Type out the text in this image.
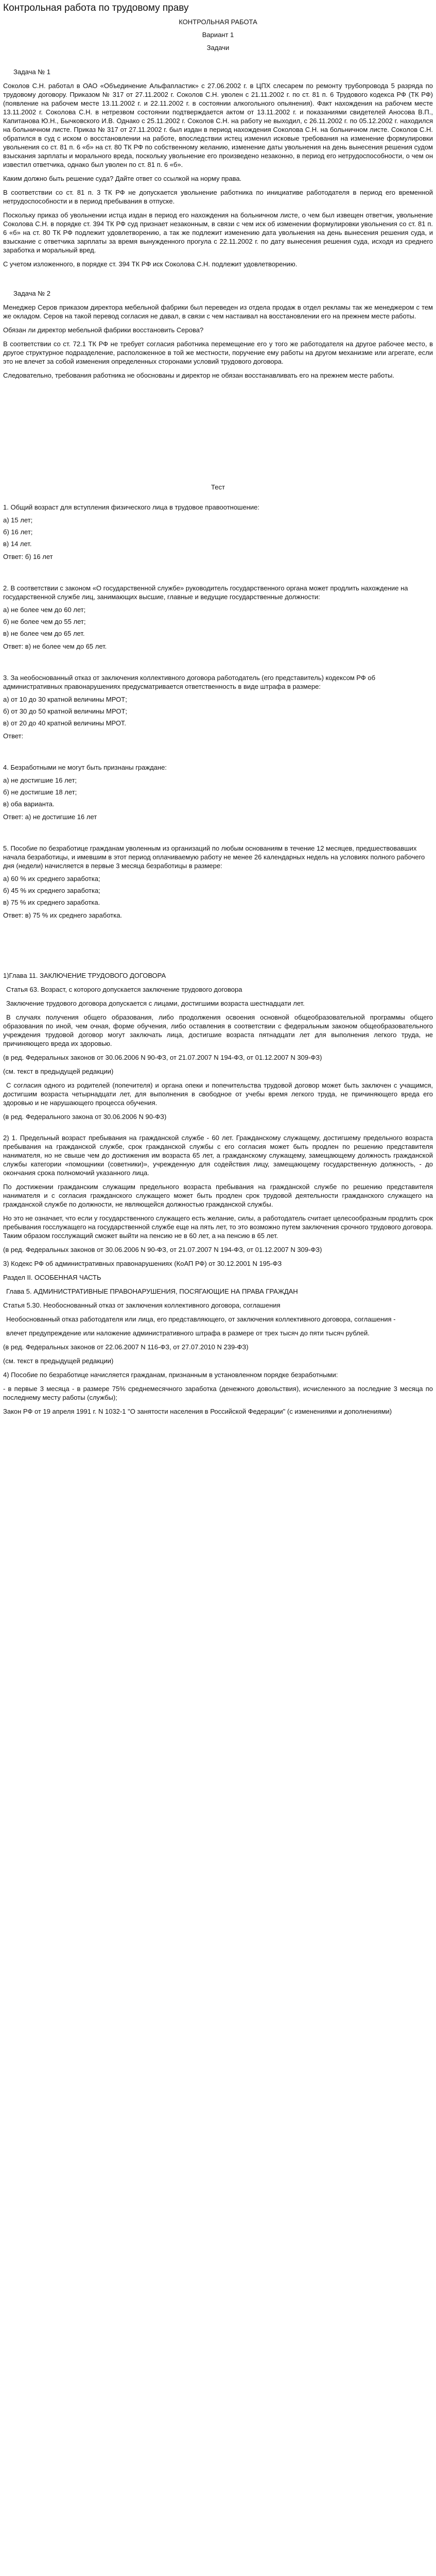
Контрольная работа по трудовому праву
КОНТРОЛЬНАЯ РАБОТА
Вариант 1
Задачи
Задача № 1

Соколов С.Н. работал в ОАО «Объединение Альфапластик» с 27.06.2002 г. в ЦПХ слесарем по ремонту трубопровода 5 разряда по трудовому договору. Приказом № 317 от 27.11.2002 г. Соколов С.Н. уволен с 21.11.2002 г. по ст. 81 п. 6 Трудового кодекса РФ (ТК РФ) (появление на рабочем месте 13.11.2002 г. и 22.11.2002 г. в состоянии алкогольного опьянения). Факт нахождения на рабочем месте 13.11.2002 г. Соколова С.Н. в нетрезвом состоянии подтверждается актом от 13.11.2002 г. и показаниями свидетелей Аносова В.П., Капитанова Ю.Н., Бычковского И.В. Однако с 25.11.2002 г. Соколов С.Н. на работу не выходил, с 26.11.2002 г. по 05.12.2002 г. находился на больничном листе. Приказ № 317 от 27.11.2002 г. был издан в период нахождения Соколова С.Н. на больничном листе. Соколов С.Н. обратился в суд с иском о восстановлении на работе, впоследствии истец изменил исковые требования на изменение формулировки увольнения со ст. 81 п. 6 «б» на ст. 80 ТК РФ по собственному желанию, изменение даты увольнения на день вынесения решения судом взыскания зарплаты и морального вреда, поскольку увольнение его произведено незаконно, в период его нетрудоспособности, о чем он известил ответчика, однако был уволен по ст. 81 п. 6 «б».

Каким должно быть решение суда? Дайте ответ со ссылкой на норму права.

В соответствии со ст. 81 п. 3 ТК РФ не допускается увольнение работника по инициативе работодателя в период его временной нетрудоспособности и в период пребывания в отпуске.

Поскольку приказ об увольнении истца издан в период его нахождения на больничном листе, о чем был извещен ответчик, увольнение Соколова С.Н. в порядке ст. 394 ТК РФ суд признает незаконным, в связи с чем иск об изменении формулировки увольнения со ст. 81 п. 6 «б» на ст. 80 ТК РФ подлежит удовлетворению, а так же подлежит изменению дата увольнения на день вынесения решения суда, и взыскание с ответчика зарплаты за время вынужденного прогула с 22.11.2002 г. по дату вынесения решения суда, исходя из среднего заработка и моральный вред.

С учетом изложенного, в порядке ст. 394 ТК РФ иск Соколова С.Н. подлежит удовлетворению.

Задача № 2

Менеджер Серов приказом директора мебельной фабрики был переведен из отдела продаж в отдел рекламы так же менеджером с тем же окладом. Серов на такой перевод согласия не давал, в связи с чем настаивал на восстановлении его на прежнем месте работы.

Обязан ли директор мебельной фабрики восстановить Серова?

В соответствии со ст. 72.1 ТК РФ не требует согласия работника перемещение его у того же работодателя на другое рабочее место, в другое структурное подразделение, расположенное в той же местности, поручение ему работы на другом механизме или агрегате, если это не влечет за собой изменения определенных сторонами условий трудового договора.

Следовательно, требования работника не обоснованы и директор не обязан восстанавливать его на прежнем месте работы.

Тест
1. Общий возраст для вступления физического лица в трудовое правоотношение:
а) 15 лет;
б) 16 лет;
в) 14 лет.
Ответ: б) 16 лет
2. В соответствии с законом «О государственной службе» руководитель государственного органа может продлить нахождение на государственной службе лиц, занимающих высшие, главные и ведущие государственные должности:
а) не более чем до 60 лет;
б) не более чем до 55 лет;
в) не более чем до 65 лет.
Ответ: в) не более чем до 65 лет.
3. За необоснованный отказ от заключения коллективного договора работодатель (его представитель) кодексом РФ об административных правонарушениях предусматривается ответственность в виде штрафа в размере:
а) от 10 до 30 кратной величины МРОТ;
б) от 30 до 50 кратной величины МРОТ;
в) от 20 до 40 кратной величины МРОТ.
Ответ:
4. Безработными не могут быть признаны граждане:
а) не достигшие 16 лет;
б) не достигшие 18 лет;
в) оба варианта.
Ответ: а) не достигшие 16 лет
5. Пособие по безработице гражданам уволенным из организаций по любым основаниям в течение 12 месяцев, предшествовавших начала безработицы, и имевшим в этот период оплачиваемую работу не менее 26 календарных недель на условиях полного рабочего дня (недели) начисляется в первые 3 месяца безработицы в размере:
а) 60 % их среднего заработка;
б) 45 % их среднего заработка;
в) 75 % их среднего заработка.
Ответ: в) 75 % их среднего заработка.

1)Глава 11. ЗАКЛЮЧЕНИЕ ТРУДОВОГО ДОГОВОРА

Статья 63. Возраст, с которого допускается заключение трудового договора

Заключение трудового договора допускается с лицами, достигшими возраста шестнадцати лет.

В случаях получения общего образования, либо продолжения освоения основной общеобразовательной программы общего образования по иной, чем очная, форме обучения, либо оставления в соответствии с федеральным законом общеобразовательного учреждения трудовой договор могут заключать лица, достигшие возраста пятнадцати лет для выполнения легкого труда, не причиняющего вреда их здоровью.

(в ред. Федеральных законов от 30.06.2006 N 90-ФЗ, от 21.07.2007 N 194-ФЗ, от 01.12.2007 N 309-ФЗ)

(см. текст в предыдущей редакции)

С согласия одного из родителей (попечителя) и органа опеки и попечительства трудовой договор может быть заключен с учащимся, достигшим возраста четырнадцати лет, для выполнения в свободное от учебы время легкого труда, не причиняющего вреда его здоровью и не нарушающего процесса обучения.

(в ред. Федерального закона от 30.06.2006 N 90-ФЗ)

2) 1. Предельный возраст пребывания на гражданской службе - 60 лет. Гражданскому служащему, достигшему предельного возраста пребывания на гражданской службе, срок гражданской службы с его согласия может быть продлен по решению представителя нанимателя, но не свыше чем до достижения им возраста 65 лет, а гражданскому служащему, замещающему должность гражданской службы категории «помощники (советники)», учрежденную для содействия лицу, замещающему государственную должность, - до окончания срока полномочий указанного лица.

По достижении гражданским служащим предельного возраста пребывания на гражданской службе по решению представителя нанимателя и с согласия гражданского служащего может быть продлен срок трудовой деятельности гражданского служащего на гражданской службе по должности, не являющейся должностью гражданской службы.

Но это не означает, что если у государственного служащего есть желание, силы, а работодатель считает целесообразным продлить срок пребывания госслужащего на государственной службе еще на пять лет, то это возможно путем заключения срочного трудового договора. Таким образом госслужащий сможет выйти на пенсию не в 60 лет, а на пенсию в 65 лет.

(в ред. Федеральных законов от 30.06.2006 N 90-ФЗ, от 21.07.2007 N 194-ФЗ, от 01.12.2007 N 309-ФЗ)

3) Кодекс РФ об административных правонарушениях (КоАП РФ) от 30.12.2001 N 195-ФЗ

Раздел II. ОСОБЕННАЯ ЧАСТЬ

Глава 5. АДМИНИСТРАТИВНЫЕ ПРАВОНАРУШЕНИЯ, ПОСЯГАЮЩИЕ НА ПРАВА ГРАЖДАН

Статья 5.30. Необоснованный отказ от заключения коллективного договора, соглашения

Необоснованный отказ работодателя или лица, его представляющего, от заключения коллективного договора, соглашения -

влечет предупреждение или наложение административного штрафа в размере от трех тысяч до пяти тысяч рублей.

(в ред. Федеральных законов от 22.06.2007 N 116-ФЗ, от 27.07.2010 N 239-ФЗ)

(см. текст в предыдущей редакции)

4) Пособие по безработице начисляется гражданам, признанным в установленном порядке безработными:

- в первые 3 месяца - в размере 75% среднемесячного заработка (денежного довольствия), исчисленного за последние 3 месяца по последнему месту работы (службы);

Закон РФ от 19 апреля 1991 г. N 1032-1 "О занятости населения в Российской Федерации" (с изменениями и дополнениями)
